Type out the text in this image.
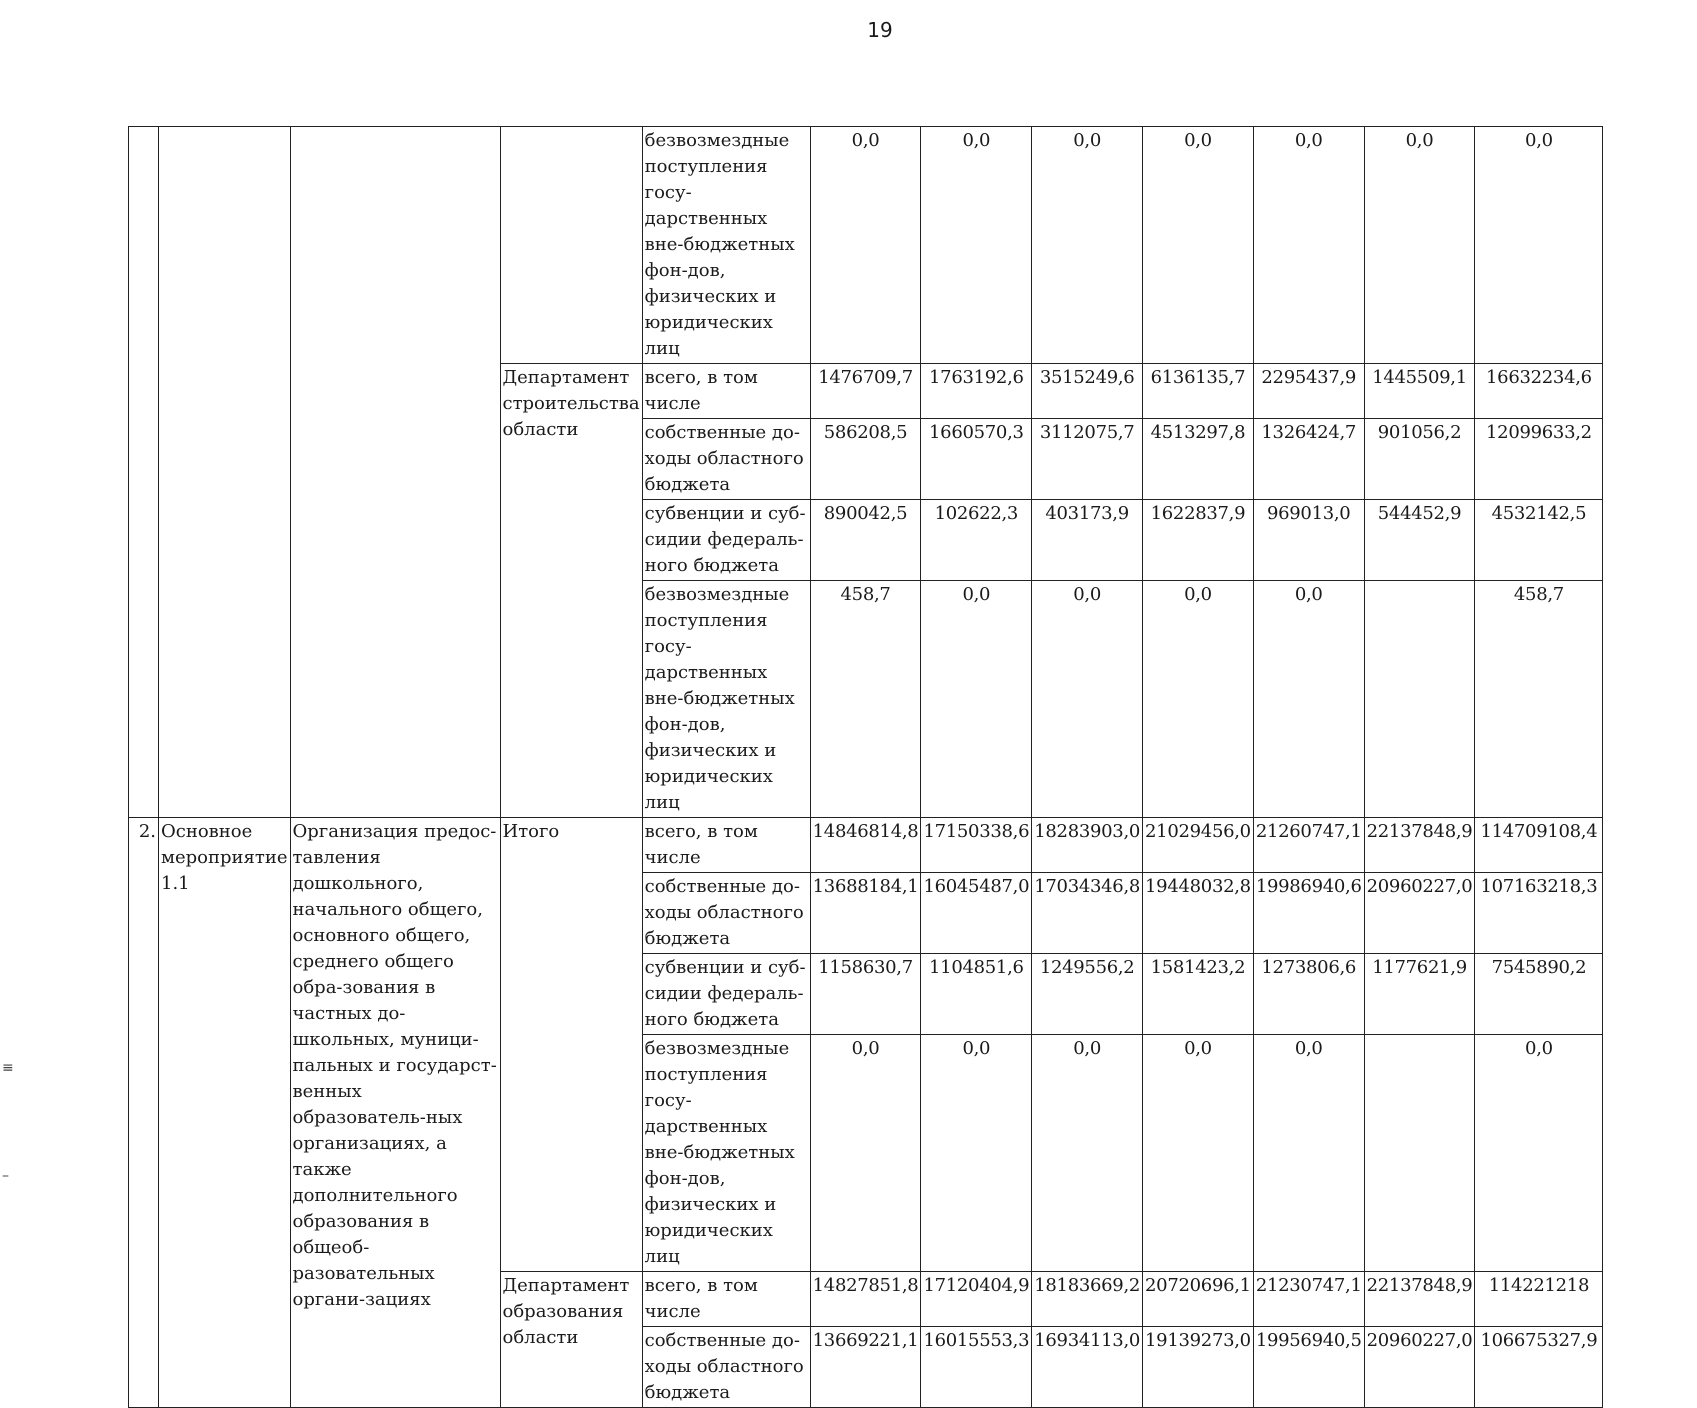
19
				безвозмездные поступления госу-дарственных вне-бюджетных фон-дов, физических и юридических лиц	0,0	0,0	0,0	0,0	0,0	0,0	0,0
			Департамент строительства области	всего, в том числе	1476709,7	1763192,6	3515249,6	6136135,7	2295437,9	1445509,1	16632234,6
				собственные до-ходы областного бюджета	586208,5	1660570,3	3112075,7	4513297,8	1326424,7	901056,2	12099633,2
				субвенции и суб-сидии федераль-ного бюджета	890042,5	102622,3	403173,9	1622837,9	969013,0	544452,9	4532142,5
				безвозмездные поступления госу-дарственных вне-бюджетных фон-дов, физических и юридических лиц	458,7	0,0	0,0	0,0	0,0		458,7
2.	Основное мероприятие 1.1	Организация предос-тавления дошкольного, начального общего, основного общего, среднего общего обра-зования в частных до-школьных, муници-пальных и государст-венных образователь-ных организациях, а также дополнительного образования в общеоб-разовательных органи-зациях	Итого	всего, в том числе	14846814,8	17150338,6	18283903,0	21029456,0	21260747,1	22137848,9	114709108,4
				собственные до-ходы областного бюджета	13688184,1	16045487,0	17034346,8	19448032,8	19986940,6	20960227,0	107163218,3
				субвенции и суб-сидии федераль-ного бюджета	1158630,7	1104851,6	1249556,2	1581423,2	1273806,6	1177621,9	7545890,2
				безвозмездные поступления госу-дарственных вне-бюджетных фон-дов, физических и юридических лиц	0,0	0,0	0,0	0,0	0,0		0,0
			Департамент образования области	всего, в том числе	14827851,8	17120404,9	18183669,2	20720696,1	21230747,1	22137848,9	114221218
				собственные до-ходы областного бюджета	13669221,1	16015553,3	16934113,0	19139273,0	19956940,5	20960227,0	106675327,9
≡
–
